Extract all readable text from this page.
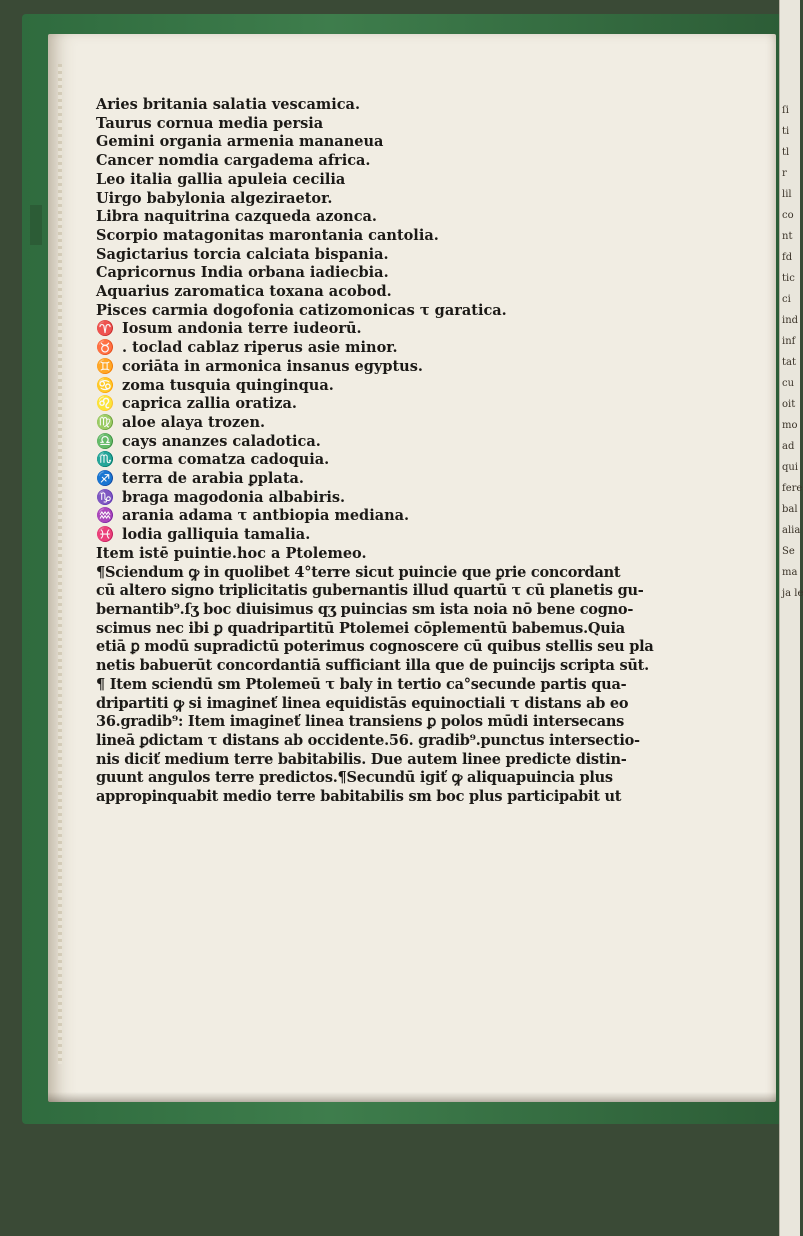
ſi
ti
tl
r
lil
co
nt
fd
tic
ci
ind
inf
tat
cu
oit
mo
ad
qui
fere
bal
alia
Se
ma
ja le
Aries britania salatia vescamica.
Taurus cornua media persia
Gemini organia armenia mananeua
Cancer nomdia cargadema africa.
Leo italia gallia apuleia cecilia
Uirgo babylonia algeziraetor.
Libra naquitrina cazqueda azonca.
Scorpio matagonitas marontania cantolia.
Sagictarius torcia calciata bispania.
Capricornus India orbana iadiecbia.
Aquarius zaromatica toxana acobod.
Pisces carmia dogofonia catizomonicas τ garatica.
♈ Iosum andonia terre iudeorū.
♉ . toclad cablaz riperus asie minor.
♊ coriāta in armonica insanus egyptus.
♋ zoma tusquia quinginqua.
♌ caprica zallia oratiza.
♍ aloe alaya trozen.
♎ cays ananzes caladotica.
♏ corma comatza cadoquia.
♐ terra de arabia ꝑplata.
♑ braga magodonia albabiris.
♒ arania adama τ antbiopia mediana.
♓ lodia galliquia tamalia.
Item istē puintie.hoc a Ptolemeo.
¶Sciendum ꝙ in quolibet 4°terre sicut puincie que ꝑrie concordant
cū altero signo triplicitatis gubernantis illud quartū τ cū planetis gu-
bernantib⁹.ſʒ boc diuisimus qʒ puincias sm ista noia nō bene cogno-
scimus nec ibi ꝑ quadripartitū Ptolemei cōplementū babemus.Quia
etiā ꝑ modū supradictū poterimus cognoscere cū quibus stellis seu pla
netis babuerūt concordantiā sufficiant illa que de puincijs scripta sūt.
¶ Item sciendū sm Ptolemeū τ baly in tertio ca°secunde partis qua-
dripartiti ꝙ si imagineť linea equidistās equinoctiali τ distans ab eo
36.gradib⁹: Item imagineť linea transiens ꝑ polos mūdi intersecans
lineā ꝑdictam τ distans ab occidente.56. gradib⁹.punctus intersectio-
nis diciť medium terre babitabilis. Due autem linee predicte distin-
guunt angulos terre predictos.¶Secundū igiť ꝙ aliquapuincia plus
appropinquabit medio terre babitabilis sm boc plus participabit ut
